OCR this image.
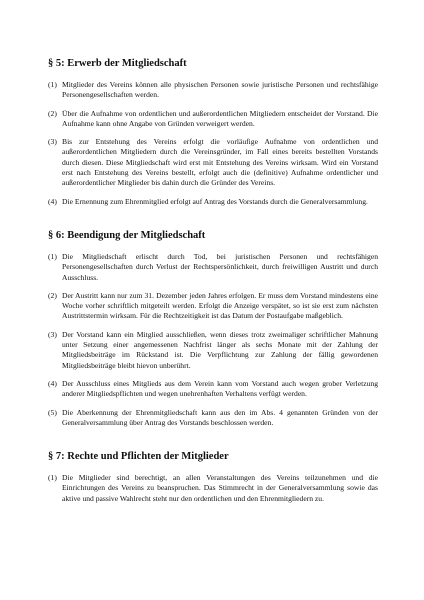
§ 5: Erwerb der Mitgliedschaft
(1) Mitglieder des Vereins können alle physischen Personen sowie juristische Personen und rechtsfähige Personengesellschaften werden.
(2) Über die Aufnahme von ordentlichen und außerordentlichen Mitgliedern entscheidet der Vorstand. Die Aufnahme kann ohne Angabe von Gründen verweigert werden.
(3) Bis zur Entstehung des Vereins erfolgt die vorläufige Aufnahme von ordentlichen und außerordentlichen Mitgliedern durch die Vereinsgründer, im Fall eines bereits bestellten Vorstands durch diesen. Diese Mitgliedschaft wird erst mit Entstehung des Vereins wirksam. Wird ein Vorstand erst nach Entstehung des Vereins bestellt, erfolgt auch die (definitive) Aufnahme ordentlicher und außerordentlicher Mitglieder bis dahin durch die Gründer des Vereins.
(4) Die Ernennung zum Ehrenmitglied erfolgt auf Antrag des Vorstands durch die Generalversammlung.
§ 6: Beendigung der Mitgliedschaft
(1) Die Mitgliedschaft erlischt durch Tod, bei juristischen Personen und rechtsfähigen Personengesellschaften durch Verlust der Rechtspersönlichkeit, durch freiwilligen Austritt und durch Ausschluss.
(2) Der Austritt kann nur zum 31. Dezember jeden Jahres erfolgen. Er muss dem Vorstand mindestens eine Woche vorher schriftlich mitgeteilt werden. Erfolgt die Anzeige verspätet, so ist sie erst zum nächsten Austrittstermin wirksam. Für die Rechtzeitigkeit ist das Datum der Postaufgabe maßgeblich.
(3) Der Vorstand kann ein Mitglied ausschließen, wenn dieses trotz zweimaliger schriftlicher Mahnung unter Setzung einer angemessenen Nachfrist länger als sechs Monate mit der Zahlung der Mitgliedsbeiträge im Rückstand ist. Die Verpflichtung zur Zahlung der fällig gewordenen Mitgliedsbeiträge bleibt hievon unberührt.
(4) Der Ausschluss eines Mitglieds aus dem Verein kann vom Vorstand auch wegen grober Verletzung anderer Mitgliedspflichten und wegen unehrenhaften Verhaltens verfügt werden.
(5) Die Aberkennung der Ehrenmitgliedschaft kann aus den im Abs. 4 genannten Gründen von der Generalversammlung über Antrag des Vorstands beschlossen werden.
§ 7: Rechte und Pflichten der Mitglieder
(1) Die Mitglieder sind berechtigt, an allen Veranstaltungen des Vereins teilzunehmen und die Einrichtungen des Vereins zu beanspruchen. Das Stimmrecht in der Generalversammlung sowie das aktive und passive Wahlrecht steht nur den ordentlichen und den Ehrenmitgliedern zu.
